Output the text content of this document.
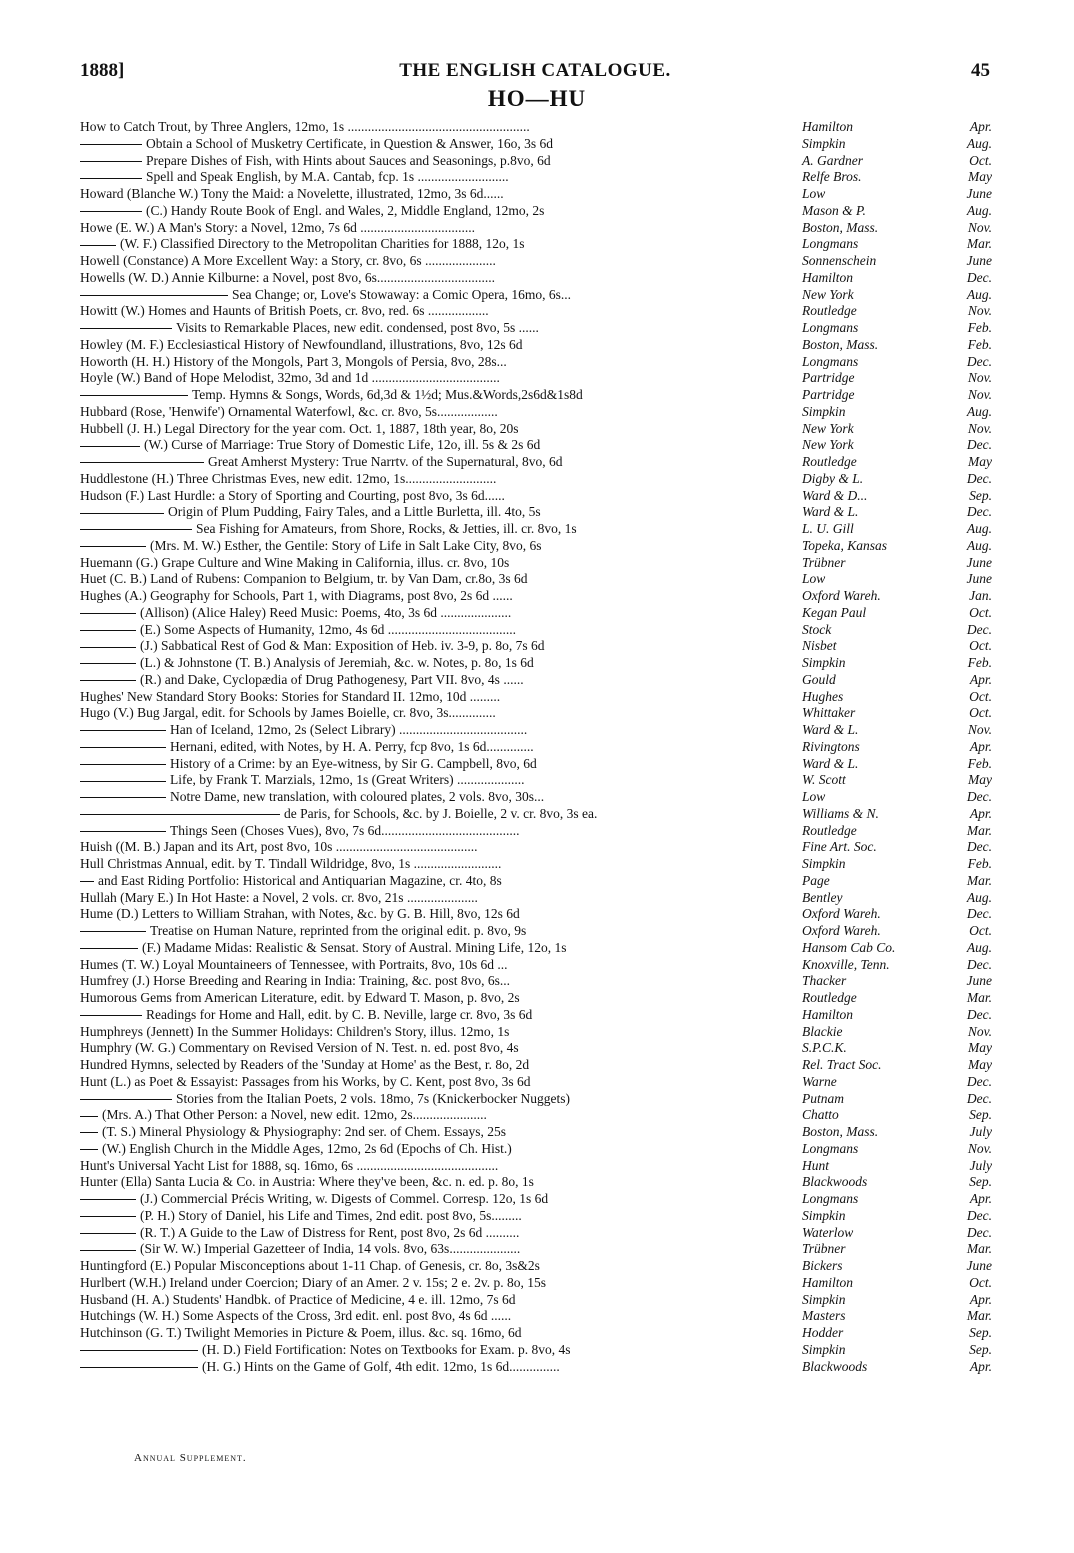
1888]	THE ENGLISH CATALOGUE.	45
HO—HU
How to Catch Trout, by Three Anglers, 12mo, 1s ......................................................	Hamilton	Apr.
Obtain a School of Musketry Certificate, in Question & Answer, 16o, 3s 6d	Simpkin	Aug.
Prepare Dishes of Fish, with Hints about Sauces and Seasonings, p.8vo, 6d	A. Gardner	Oct.
Spell and Speak English, by M.A. Cantab, fcp. 1s ...........................	Relfe Bros.	May
Howard (Blanche W.) Tony the Maid: a Novelette, illustrated, 12mo, 3s 6d......	Low	June
(C.) Handy Route Book of Engl. and Wales, 2, Middle England, 12mo, 2s	Mason & P.	Aug.
Howe (E. W.) A Man's Story: a Novel, 12mo, 7s 6d ..................................	Boston, Mass.	Nov.
(W. F.) Classified Directory to the Metropolitan Charities for 1888, 12o, 1s	Longmans	Mar.
Howell (Constance) A More Excellent Way: a Story, cr. 8vo, 6s .....................	Sonnenschein	June
Howells (W. D.) Annie Kilburne: a Novel, post 8vo, 6s...................................	Hamilton	Dec.
Sea Change; or, Love's Stowaway: a Comic Opera, 16mo, 6s...	New York	Aug.
Howitt (W.) Homes and Haunts of British Poets, cr. 8vo, red. 6s ..................	Routledge	Nov.
Visits to Remarkable Places, new edit. condensed, post 8vo, 5s ......	Longmans	Feb.
Howley (M. F.) Ecclesiastical History of Newfoundland, illustrations, 8vo, 12s 6d	Boston, Mass.	Feb.
Howorth (H. H.) History of the Mongols, Part 3, Mongols of Persia, 8vo, 28s...	Longmans	Dec.
Hoyle (W.) Band of Hope Melodist, 32mo, 3d and 1d ......................................	Partridge	Nov.
Temp. Hymns & Songs, Words, 6d,3d & 1½d; Mus.&Words,2s6d&1s8d	Partridge	Nov.
Hubbard (Rose, 'Henwife') Ornamental Waterfowl, &c. cr. 8vo, 5s..................	Simpkin	Aug.
Hubbell (J. H.) Legal Directory for the year com. Oct. 1, 1887, 18th year, 8o, 20s	New York	Nov.
(W.) Curse of Marriage: True Story of Domestic Life, 12o, ill. 5s & 2s 6d	New York	Dec.
Great Amherst Mystery: True Narrtv. of the Supernatural, 8vo, 6d	Routledge	May
Huddlestone (H.) Three Christmas Eves, new edit. 12mo, 1s...........................	Digby & L.	Dec.
Hudson (F.) Last Hurdle: a Story of Sporting and Courting, post 8vo, 3s 6d......	Ward & D...	Sep.
Origin of Plum Pudding, Fairy Tales, and a Little Burletta, ill. 4to, 5s	Ward & L.	Dec.
Sea Fishing for Amateurs, from Shore, Rocks, & Jetties, ill. cr. 8vo, 1s	L. U. Gill	Aug.
(Mrs. M. W.) Esther, the Gentile: Story of Life in Salt Lake City, 8vo, 6s	Topeka, Kansas	Aug.
Huemann (G.) Grape Culture and Wine Making in California, illus. cr. 8vo, 10s	Trübner	June
Huet (C. B.) Land of Rubens: Companion to Belgium, tr. by Van Dam, cr.8o, 3s 6d	Low	June
Hughes (A.) Geography for Schools, Part 1, with Diagrams, post 8vo, 2s 6d ......	Oxford Wareh.	Jan.
(Allison) (Alice Haley) Reed Music: Poems, 4to, 3s 6d .....................	Kegan Paul	Oct.
(E.) Some Aspects of Humanity, 12mo, 4s 6d ......................................	Stock	Dec.
(J.) Sabbatical Rest of God & Man: Exposition of Heb. iv. 3-9, p. 8o, 7s 6d	Nisbet	Oct.
(L.) & Johnstone (T. B.) Analysis of Jeremiah, &c. w. Notes, p. 8o, 1s 6d	Simpkin	Feb.
(R.) and Dake, Cyclopædia of Drug Pathogenesy, Part VII. 8vo, 4s ......	Gould	Apr.
Hughes' New Standard Story Books: Stories for Standard II. 12mo, 10d .........	Hughes	Oct.
Hugo (V.) Bug Jargal, edit. for Schools by James Boielle, cr. 8vo, 3s..............	Whittaker	Oct.
Han of Iceland, 12mo, 2s (Select Library) ......................................	Ward & L.	Nov.
Hernani, edited, with Notes, by H. A. Perry, fcp 8vo, 1s 6d..............	Rivingtons	Apr.
History of a Crime: by an Eye-witness, by Sir G. Campbell, 8vo, 6d	Ward & L.	Feb.
Life, by Frank T. Marzials, 12mo, 1s (Great Writers) ....................	W. Scott	May
Notre Dame, new translation, with coloured plates, 2 vols. 8vo, 30s...	Low	Dec.
de Paris, for Schools, &c. by J. Boielle, 2 v. cr. 8vo, 3s ea.	Williams & N.	Apr.
Things Seen (Choses Vues), 8vo, 7s 6d.........................................	Routledge	Mar.
Huish ((M. B.) Japan and its Art, post 8vo, 10s ..........................................	Fine Art. Soc.	Dec.
Hull Christmas Annual, edit. by T. Tindall Wildridge, 8vo, 1s ..........................	Simpkin	Feb.
and East Riding Portfolio: Historical and Antiquarian Magazine, cr. 4to, 8s	Page	Mar.
Hullah (Mary E.) In Hot Haste: a Novel, 2 vols. cr. 8vo, 21s .....................	Bentley	Aug.
Hume (D.) Letters to William Strahan, with Notes, &c. by G. B. Hill, 8vo, 12s 6d	Oxford Wareh.	Dec.
Treatise on Human Nature, reprinted from the original edit. p. 8vo, 9s	Oxford Wareh.	Oct.
(F.) Madame Midas: Realistic & Sensat. Story of Austral. Mining Life, 12o, 1s	Hansom Cab Co.	Aug.
Humes (T. W.) Loyal Mountaineers of Tennessee, with Portraits, 8vo, 10s 6d ...	Knoxville, Tenn.	Dec.
Humfrey (J.) Horse Breeding and Rearing in India: Training, &c. post 8vo, 6s...	Thacker	June
Humorous Gems from American Literature, edit. by Edward T. Mason, p. 8vo, 2s	Routledge	Mar.
Readings for Home and Hall, edit. by C. B. Neville, large cr. 8vo, 3s 6d	Hamilton	Dec.
Humphreys (Jennett) In the Summer Holidays: Children's Story, illus. 12mo, 1s	Blackie	Nov.
Humphry (W. G.) Commentary on Revised Version of N. Test. n. ed. post 8vo, 4s	S.P.C.K.	May
Hundred Hymns, selected by Readers of the 'Sunday at Home' as the Best, r. 8o, 2d	Rel. Tract Soc.	May
Hunt (L.) as Poet & Essayist: Passages from his Works, by C. Kent, post 8vo, 3s 6d	Warne	Dec.
Stories from the Italian Poets, 2 vols. 18mo, 7s (Knickerbocker Nuggets)	Putnam	Dec.
(Mrs. A.) That Other Person: a Novel, new edit. 12mo, 2s......................	Chatto	Sep.
(T. S.) Mineral Physiology & Physiography: 2nd ser. of Chem. Essays, 25s	Boston, Mass.	July
(W.) English Church in the Middle Ages, 12mo, 2s 6d (Epochs of Ch. Hist.)	Longmans	Nov.
Hunt's Universal Yacht List for 1888, sq. 16mo, 6s ..........................................	Hunt	July
Hunter (Ella) Santa Lucia & Co. in Austria: Where they've been, &c. n. ed. p. 8o, 1s	Blackwoods	Sep.
(J.) Commercial Précis Writing, w. Digests of Commel. Corresp. 12o, 1s 6d	Longmans	Apr.
(P. H.) Story of Daniel, his Life and Times, 2nd edit. post 8vo, 5s.........	Simpkin	Dec.
(R. T.) A Guide to the Law of Distress for Rent, post 8vo, 2s 6d ..........	Waterlow	Dec.
(Sir W. W.) Imperial Gazetteer of India, 14 vols. 8vo, 63s.....................	Trübner	Mar.
Huntingford (E.) Popular Misconceptions about 1-11 Chap. of Genesis, cr. 8o, 3s&2s	Bickers	June
Hurlbert (W.H.) Ireland under Coercion; Diary of an Amer. 2 v. 15s; 2 e. 2v. p. 8o, 15s	Hamilton	Oct.
Husband (H. A.) Students' Handbk. of Practice of Medicine, 4 e. ill. 12mo, 7s 6d	Simpkin	Apr.
Hutchings (W. H.) Some Aspects of the Cross, 3rd edit. enl. post 8vo, 4s 6d ......	Masters	Mar.
Hutchinson (G. T.) Twilight Memories in Picture & Poem, illus. &c. sq. 16mo, 6d	Hodder	Sep.
(H. D.) Field Fortification: Notes on Textbooks for Exam. p. 8vo, 4s	Simpkin	Sep.
(H. G.) Hints on the Game of Golf, 4th edit. 12mo, 1s 6d...............	Blackwoods	Apr.
Annual Supplement.
